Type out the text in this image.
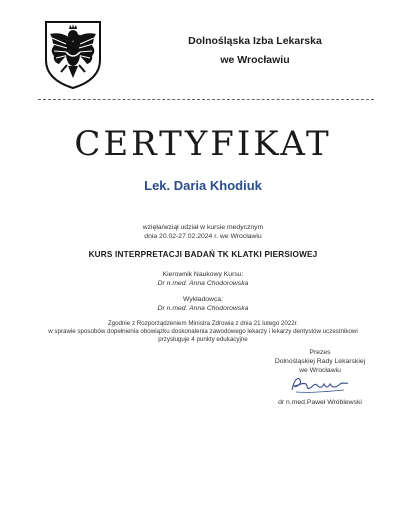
Dolnośląska Izba Lekarska
we Wrocławiu
CERTYFIKAT
Lek. Daria Khodiuk
wzięła/wziął udział w kursie medycznym
dnia 20.02-27.02.2024 r. we Wrocławiu
KURS INTERPRETACJI BADAŃ TK KLATKI PIERSIOWEJ
Kierownik Naukowy Kursu:
Dr n.med. Anna Chodorowska
Wykładowca:
Dr n.med. Anna Chodorowska
Zgodnie z Rozporządzeniem Ministra Zdrowia z dnia 21 lutego 2022r.
w sprawie sposobów dopełnienia obowiązku doskonalenia zawodowego lekarzy i lekarzy dentystów uczestnikowi
przysługuje 4 punkty edukacyjne
Prezes
Dolnośląskiej Rady Lekarskiej
we Wrocławiu
dr n.med.Paweł Wróblewski
